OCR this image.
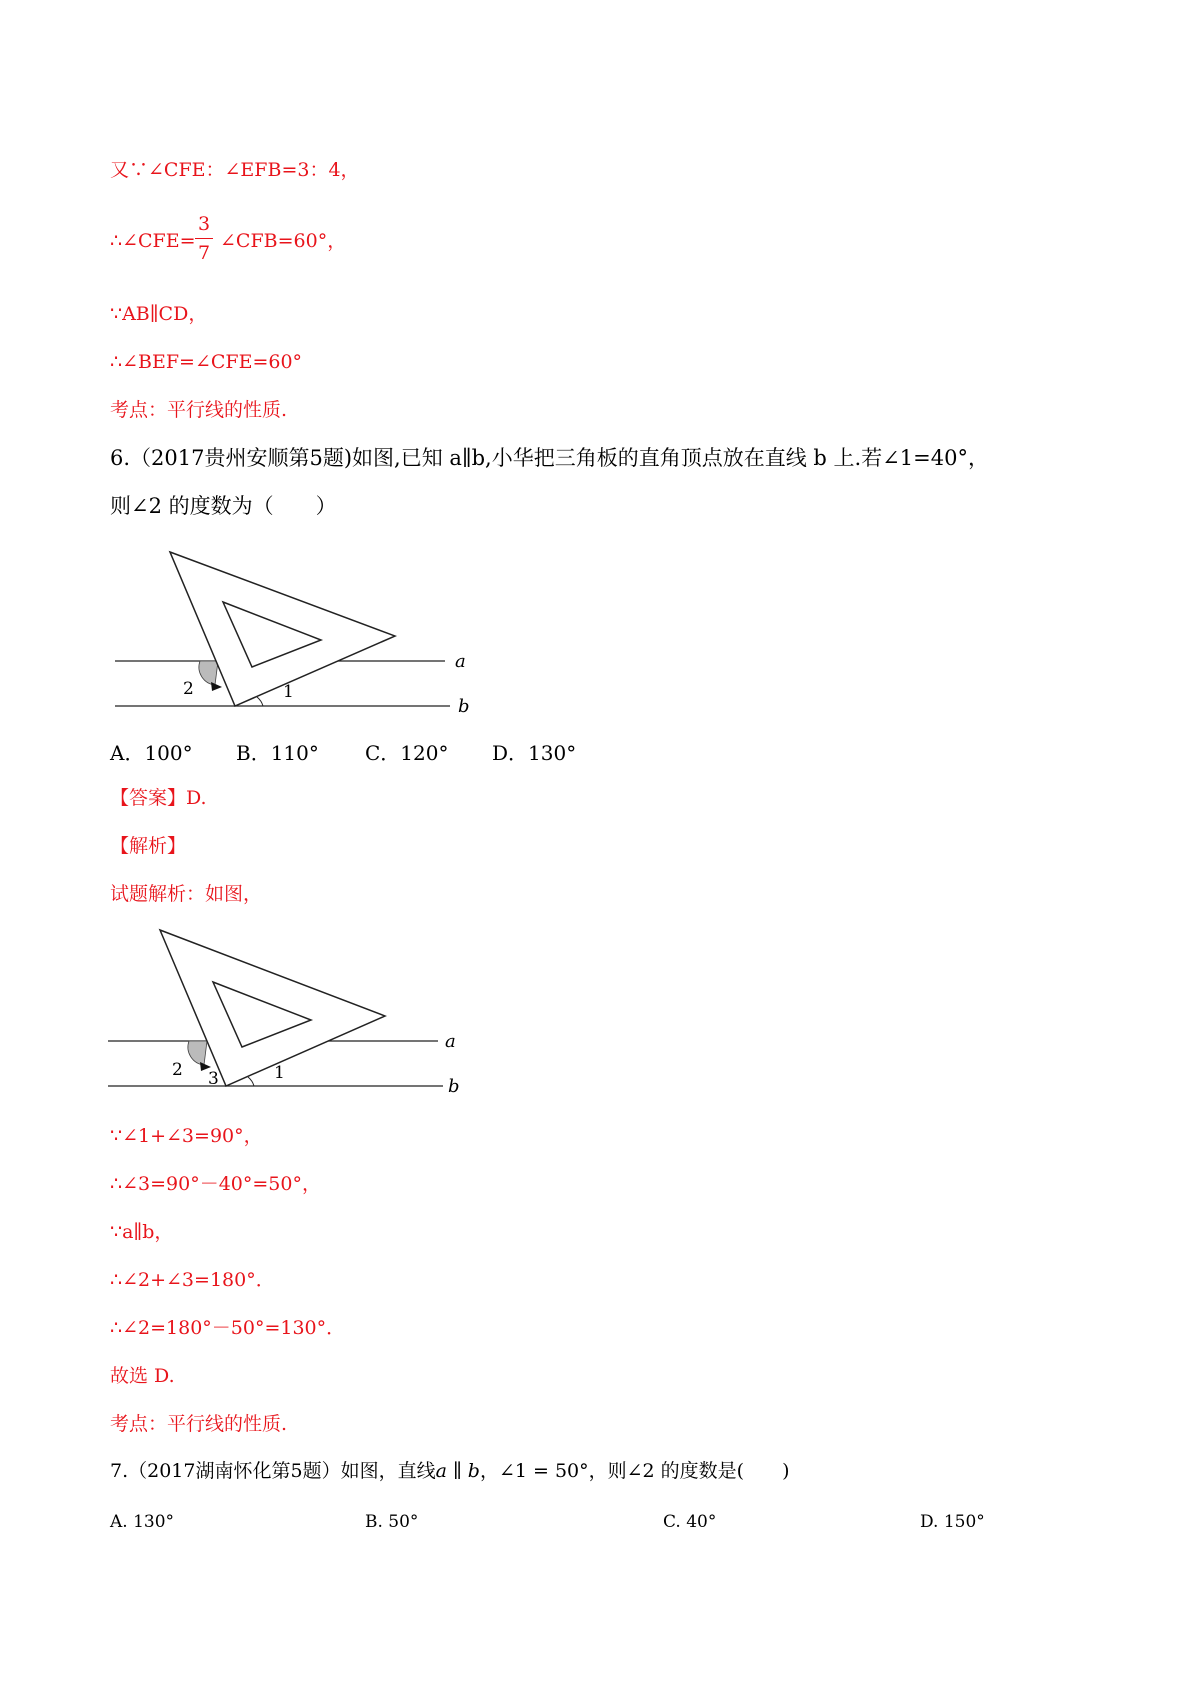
又∵∠CFE：∠EFB=3：4，
∴∠CFE=
3
7
∠CFB=60°，
∵AB∥CD，
∴∠BEF=∠CFE=60°
考点：平行线的性质.
6.（2017贵州安顺第5题)如图,已知 a∥b,小华把三角板的直角顶点放在直线 b 上.若∠1=40°，
则∠2 的度数为（　　）
2	1
a
b
A．100° B．110° C．120° D．130°
【答案】D.
【解析】
试题解析：如图，
2 3	1
a
b
∵∠1+∠3=90°，
∴∠3=90°－40°=50°，
∵a∥b，
∴∠2+∠3=180°．
∴∠2=180°－50°=130°．
故选 D.
考点：平行线的性质.
7.（2017湖南怀化第5题）如图，直线a ∥ b，∠1 = 50°，则∠2 的度数是(　　)
A. 130°	B. 50°	C. 40°	D. 150°
